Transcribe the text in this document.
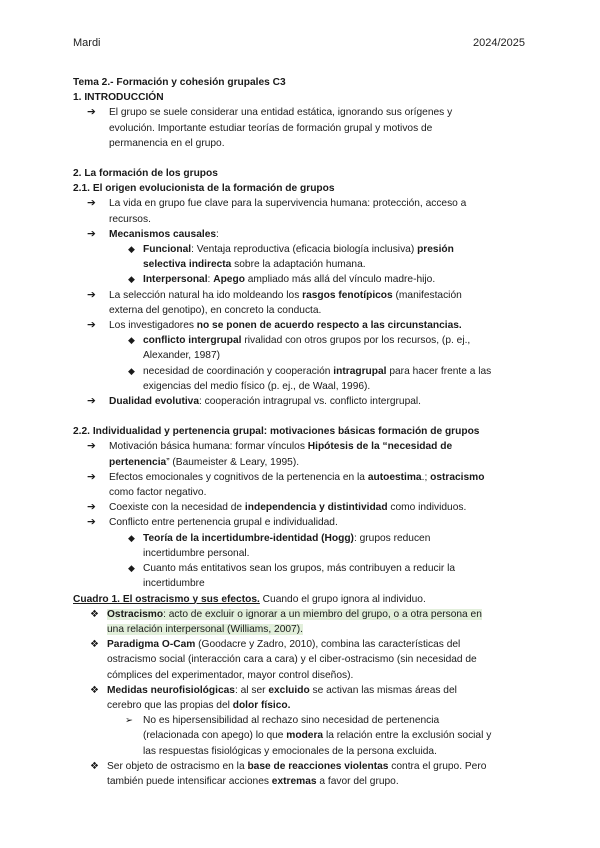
Mardi	2024/2025
Tema 2.- Formación y cohesión grupales C3
1. INTRODUCCIÓN
➔ El grupo se suele considerar una entidad estática, ignorando sus orígenes y
evolución. Importante estudiar teorías de formación grupal y motivos de
permanencia en el grupo.
2. La formación de los grupos
2.1. El origen evolucionista de la formación de grupos
➔ La vida en grupo fue clave para la supervivencia humana: protección, acceso a
recursos.
➔ Mecanismos causales:
◆ Funcional: Ventaja reproductiva (eficacia biología inclusiva) presión
selectiva indirecta sobre la adaptación humana.
◆ Interpersonal: Apego ampliado más allá del vínculo madre-hijo.
➔ La selección natural ha ido moldeando los rasgos fenotípicos (manifestación
externa del genotipo), en concreto la conducta.
➔ Los investigadores no se ponen de acuerdo respecto a las circunstancias.
◆ conflicto intergrupal rivalidad con otros grupos por los recursos, (p. ej.,
Alexander, 1987)
◆ necesidad de coordinación y cooperación intragrupal para hacer frente a las
exigencias del medio físico (p. ej., de Waal, 1996).
➔ Dualidad evolutiva: cooperación intragrupal vs. conflicto intergrupal.
2.2. Individualidad y pertenencia grupal: motivaciones básicas formación de grupos
➔ Motivación básica humana: formar vínculos Hipótesis de la “necesidad de
pertenencia” (Baumeister & Leary, 1995).
➔ Efectos emocionales y cognitivos de la pertenencia en la autoestima.; ostracismo
como factor negativo.
➔ Coexiste con la necesidad de independencia y distintividad como individuos.
➔ Conflicto entre pertenencia grupal e individualidad.
◆ Teoría de la incertidumbre-identidad (Hogg): grupos reducen
incertidumbre personal.
◆ Cuanto más entitativos sean los grupos, más contribuyen a reducir la
incertidumbre
Cuadro 1. El ostracismo y sus efectos. Cuando el grupo ignora al individuo.
❖ Ostracismo: acto de excluir o ignorar a un miembro del grupo, o a otra persona en
una relación interpersonal (Williams, 2007).
❖ Paradigma O-Cam (Goodacre y Zadro, 2010), combina las características del
ostracismo social (interacción cara a cara) y el ciber-ostracismo (sin necesidad de
cómplices del experimentador, mayor control diseños).
❖ Medidas neurofisiológicas: al ser excluido se activan las mismas áreas del
cerebro que las propias del dolor físico.
➢ No es hipersensibilidad al rechazo sino necesidad de pertenencia
(relacionada con apego) lo que modera la relación entre la exclusión social y
las respuestas fisiológicas y emocionales de la persona excluida.
❖ Ser objeto de ostracismo en la base de reacciones violentas contra el grupo. Pero
también puede intensificar acciones extremas a favor del grupo.
